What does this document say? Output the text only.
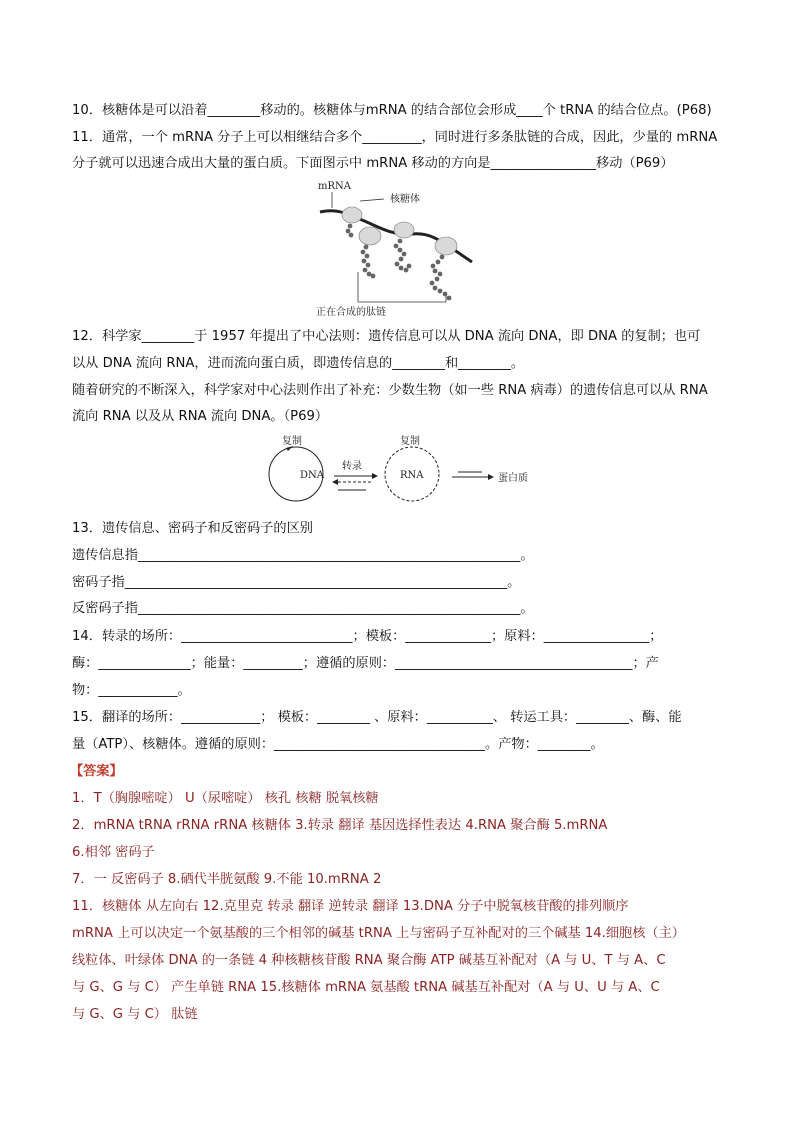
10．核糖体是可以沿着________移动的。核糖体与mRNA 的结合部位会形成____个 tRNA 的结合位点。(P68)
11．通常，一个 mRNA 分子上可以相继结合多个_________，同时进行多条肽链的合成，因此，少量的 mRNA
分子就可以迅速合成出大量的蛋白质。下面图示中 mRNA 移动的方向是________________移动（P69）
mRNA
核糖体
正在合成的肽链
12．科学家________于 1957 年提出了中心法则：遗传信息可以从 DNA 流向 DNA，即 DNA 的复制；也可
以从 DNA 流向 RNA，进而流向蛋白质，即遗传信息的________和________。
随着研究的不断深入，科学家对中心法则作出了补充：少数生物（如一些 RNA 病毒）的遗传信息可以从 RNA
流向 RNA 以及从 RNA 流向 DNA。（P69）
复制
DNA
转录
复制
RNA	蛋白质
13．遗传信息、密码子和反密码子的区别
遗传信息指__________________________________________________________。
密码子指__________________________________________________________。
反密码子指__________________________________________________________。
14．转录的场所：__________________________；模板：_____________；原料：________________；
酶：______________；能量：_________；遵循的原则：____________________________________；产
物：____________。
15．翻译的场所：____________； 模板：________ 、原料：__________、 转运工具：________、酶、能
量（ATP）、核糖体。遵循的原则：________________________________。产物：________。
【答案】
1．T（胸腺嘧啶） U（尿嘧啶） 核孔 核糖 脱氧核糖
2．mRNA tRNA rRNA rRNA 核糖体 3.转录 翻译 基因选择性表达 4.RNA 聚合酶 5.mRNA
6.相邻 密码子
7．一 反密码子 8.硒代半胱氨酸 9.不能 10.mRNA 2
11．核糖体 从左向右 12.克里克 转录 翻译 逆转录 翻译 13.DNA 分子中脱氧核苷酸的排列顺序
mRNA 上可以决定一个氨基酸的三个相邻的碱基 tRNA 上与密码子互补配对的三个碱基 14.细胞核（主）
线粒体、叶绿体 DNA 的一条链 4 种核糖核苷酸 RNA 聚合酶 ATP 碱基互补配对（A 与 U、T 与 A、C
与 G、G 与 C） 产生单链 RNA 15.核糖体 mRNA 氨基酸 tRNA 碱基互补配对（A 与 U、U 与 A、C
与 G、G 与 C） 肽链
